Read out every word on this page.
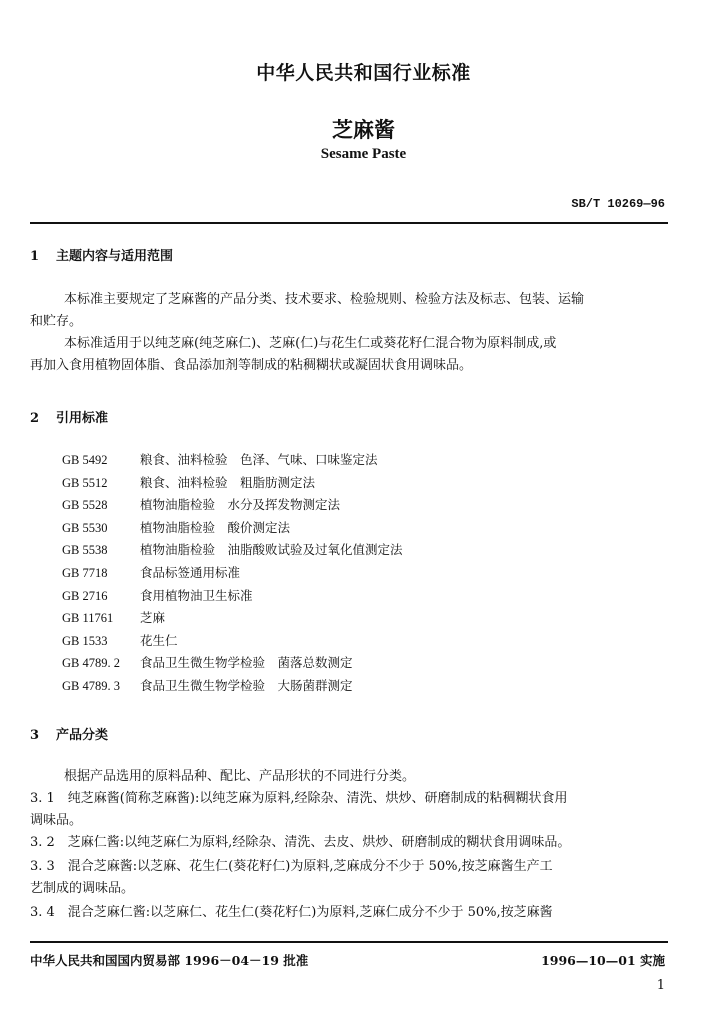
中华人民共和国行业标准
芝麻酱
Sesame Paste
SB/T 10269—96
1 主题内容与适用范围
本标准主要规定了芝麻酱的产品分类、技术要求、检验规则、检验方法及标志、包装、运输
和贮存。
本标准适用于以纯芝麻(纯芝麻仁)、芝麻(仁)与花生仁或葵花籽仁混合物为原料制成,或
再加入食用植物固体脂、食品添加剂等制成的粘稠糊状或凝固状食用调味品。
2 引用标准
GB 5492	粮食、油料检验　色泽、气味、口味鉴定法
GB 5512	粮食、油料检验　粗脂肪测定法
GB 5528	植物油脂检验　水分及挥发物测定法
GB 5530	植物油脂检验　酸价测定法
GB 5538	植物油脂检验　油脂酸败试验及过氧化值测定法
GB 7718	食品标签通用标准
GB 2716	食用植物油卫生标准
GB 11761 芝麻
GB 1533	花生仁
GB 4789. 2 食品卫生微生物学检验　菌落总数测定
GB 4789. 3 食品卫生微生物学检验　大肠菌群测定
3 产品分类
根据产品选用的原料品种、配比、产品形状的不同进行分类。
3. 1　纯芝麻酱(简称芝麻酱):以纯芝麻为原料,经除杂、清洗、烘炒、研磨制成的粘稠糊状食用
调味品。
3. 2　芝麻仁酱:以纯芝麻仁为原料,经除杂、清洗、去皮、烘炒、研磨制成的糊状食用调味品。
3. 3　混合芝麻酱:以芝麻、花生仁(葵花籽仁)为原料,芝麻成分不少于 50%,按芝麻酱生产工
艺制成的调味品。
3. 4　混合芝麻仁酱:以芝麻仁、花生仁(葵花籽仁)为原料,芝麻仁成分不少于 50%,按芝麻酱
中华人民共和国国内贸易部 1996－04－19 批准	1996—10—01 实施
1
